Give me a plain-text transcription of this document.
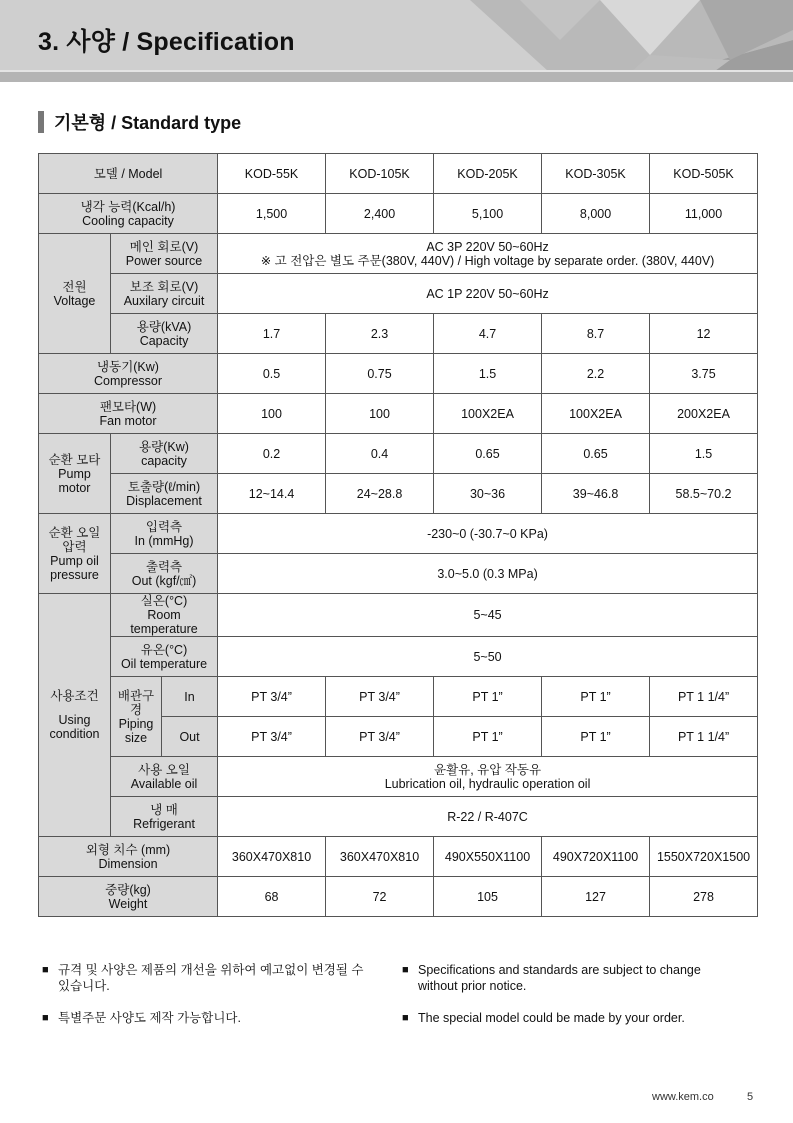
3. 사양 / Specification
기본형 / Standard type
모델 / Model			KOD-55K	KOD-105K	KOD-205K	KOD-305K	KOD-505K

냉각 능력(Kcal/h)
Cooling capacity			1,500	2,400	5,100	8,000	11,000

전원
Voltage	메인 회로(V)
Power source		AC 3P 220V 50~60Hz
※ 고 전압은 별도 주문(380V, 440V) / High voltage by separate order. (380V, 440V)				

	보조 회로(V)
Auxilary circuit		AC 1P 220V 50~60Hz				

	용량(kVA)
Capacity		1.7	2.3	4.7	8.7	12

냉동기(Kw)
Compressor			0.5	0.75	1.5	2.2	3.75

팬모타(W)
Fan motor			100	100	100X2EA	100X2EA	200X2EA

순환 모타
Pump
motor	용량(Kw)
capacity		0.2	0.4	0.65	0.65	1.5

	토출량(ℓ/min)
Displacement		12~14.4	24~28.8	30~36	39~46.8	58.5~70.2

순환 오일 압력
Pump oil
pressure	입력측
In (mmHg)		-230~0 (-30.7~0 KPa)				

	출력측
Out (kgf/㎠)		3.0~5.0 (0.3 MPa)				

사용조건
Using
condition	실온(°C)
Room
temperature		5~45				

	유온(°C)
Oil temperature		5~50				

	배관구경
Piping
size	In	PT 3/4”	PT 3/4”	PT 1”	PT 1”	PT 1 1/4”
		Out	PT 3/4”	PT 3/4”	PT 1”	PT 1”	PT 1 1/4”

	사용 오일
Available oil		윤활유, 유압 작동유
Lubrication oil, hydraulic operation oil				

	냉 매
Refrigerant		R-22 / R-407C				

외형 치수 (mm)
Dimension			360X470X810	360X470X810	490X550X1100	490X720X1100	1550X720X1500

중량(kg)
Weight			68	72	105	127	278
■ 규격 및 사양은 제품의 개선을 위하여 예고없이 변경될 수
있습니다.
■ Specifications and standards are subject to change
without prior notice.
■ 특별주문 사양도 제작 가능합니다.	■ The special model could be made by your order.
www.kem.co	5
